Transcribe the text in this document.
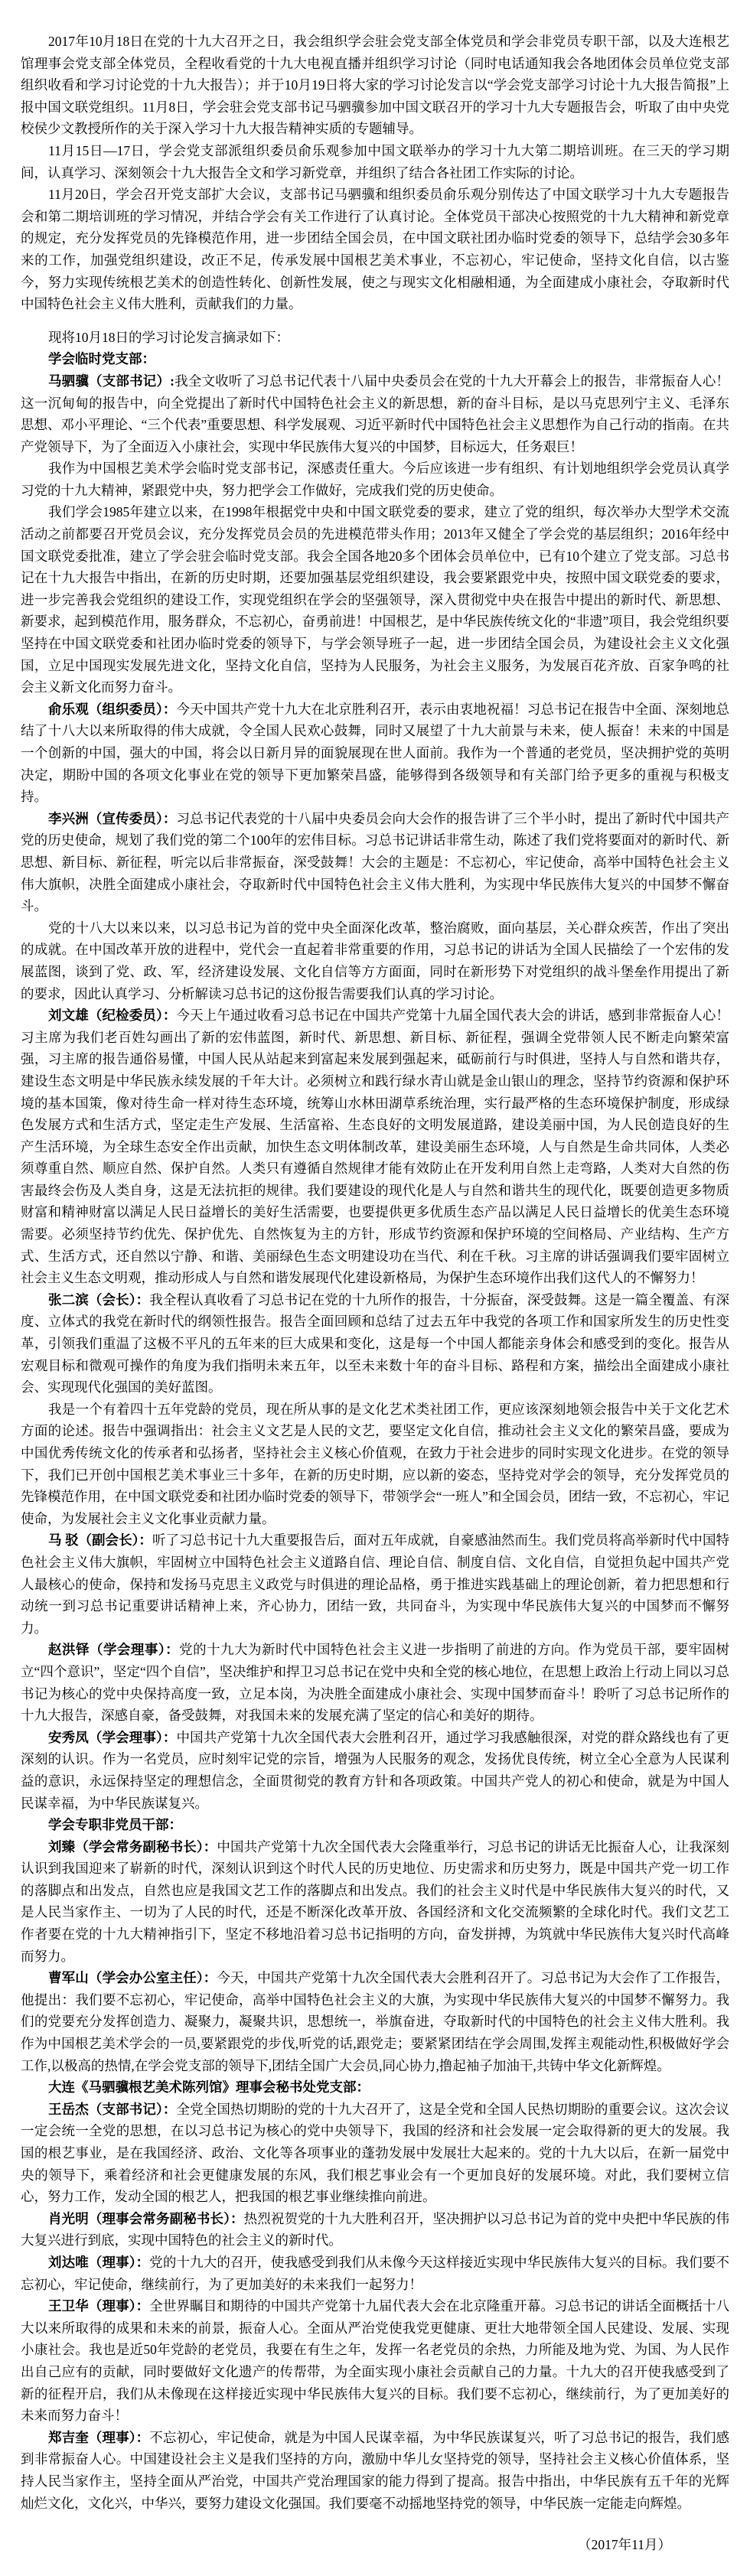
2017年10月18日在党的十九大召开之日，我会组织学会驻会党支部全体党员和学会非党员专职干部，以及大连根艺馆理事会党支部全体党员，全程收看党的十九大电视直播并组织学习讨论（同时电话通知我会各地团体会员单位党支部组织收看和学习讨论党的十九大报告）；并于10月19日将大家的学习讨论发言以“学会党支部学习讨论十九大报告简报”上报中国文联党组织。11月8日，学会驻会党支部书记马驷骥参加中国文联召开的学习十九大专题报告会，听取了由中央党校侯少文教授所作的关于深入学习十九大报告精神实质的专题辅导。

11月15日—17日，学会党支部派组织委员俞乐观参加中国文联举办的学习十九大第二期培训班。在三天的学习期间，认真学习、深刻领会十九大报告全文和学习新党章，并组织了结合各社团工作实际的讨论。

11月20日，学会召开党支部扩大会议，支部书记马驷骥和组织委员俞乐观分别传达了中国文联学习十九大专题报告会和第二期培训班的学习情况，并结合学会有关工作进行了认真讨论。全体党员干部决心按照党的十九大精神和新党章的规定，充分发挥党员的先锋模范作用，进一步团结全国会员，在中国文联社团办临时党委的领导下，总结学会30多年来的工作，加强党组织建设，改正不足，传承发展中国根艺美术事业，不忘初心，牢记使命，坚持文化自信，以古鉴今，努力实现传统根艺美术的创造性转化、创新性发展，使之与现实文化相融相通，为全面建成小康社会，夺取新时代中国特色社会主义伟大胜利，贡献我们的力量。

现将10月18日的学习讨论发言摘录如下：

学会临时党支部：

马驷骥（支部书记）:我全文收听了习总书记代表十八届中央委员会在党的十九大开幕会上的报告，非常振奋人心！这一沉甸甸的报告中，向全党提出了新时代中国特色社会主义的新思想，新的奋斗目标，是以马克思列宁主义、毛泽东思想、邓小平理论、“三个代表”重要思想、科学发展观、习近平新时代中国特色社会主义思想作为自己行动的指南。在共产党领导下，为了全面迈入小康社会，实现中华民族伟大复兴的中国梦，目标远大，任务艰巨！

我作为中国根艺美术学会临时党支部书记，深感责任重大。今后应该进一步有组织、有计划地组织学会党员认真学习党的十九大精神，紧跟党中央，努力把学会工作做好，完成我们党的历史使命。

我们学会1985年建立以来，在1998年根据党中央和中国文联党委的要求，建立了党的组织，每次举办大型学术交流活动之前都要召开党员会议，充分发挥党员会员的先进模范带头作用；2013年又健全了学会党的基层组织；2016年经中国文联党委批准，建立了学会驻会临时党支部。我会全国各地20多个团体会员单位中，已有10个建立了党支部。习总书记在十九大报告中指出，在新的历史时期，还要加强基层党组织建设，我会要紧跟党中央，按照中国文联党委的要求，进一步完善我会党组织的建设工作，实现党组织在学会的坚强领导，深入贯彻党中央在报告中提出的新时代、新思想、新要求，起到模范作用，服务群众，不忘初心，奋勇前进！中国根艺，是中华民族传统文化的“非遗”项目，我会党组织要坚持在中国文联党委和社团办临时党委的领导下，与学会领导班子一起，进一步团结全国会员，为建设社会主义文化强国，立足中国现实发展先进文化，坚持文化自信，坚持为人民服务，为社会主义服务，为发展百花齐放、百家争鸣的社会主义新文化而努力奋斗。

俞乐观（组织委员）：今天中国共产党十九大在北京胜利召开，表示由衷地祝福！习总书记在报告中全面、深刻地总结了十八大以来所取得的伟大成就，令全国人民欢心鼓舞，同时又展望了十九大前景与未来，使人振奋！未来的中国是一个创新的中国，强大的中国，将会以日新月异的面貌展现在世人面前。我作为一个普通的老党员，坚决拥护党的英明决定，期盼中国的各项文化事业在党的领导下更加繁荣昌盛，能够得到各级领导和有关部门给予更多的重视与积极支持。

李兴洲（宣传委员）：习总书记代表党的十八届中央委员会向大会作的报告讲了三个半小时，提出了新时代中国共产党的历史使命，规划了我们党的第二个100年的宏伟目标。习总书记讲话非常生动，陈述了我们党将要面对的新时代、新思想、新目标、新征程，听完以后非常振奋，深受鼓舞！大会的主题是：不忘初心，牢记使命，高举中国特色社会主义伟大旗帜，决胜全面建成小康社会，夺取新时代中国特色社会主义伟大胜利，为实现中华民族伟大复兴的中国梦不懈奋斗。

党的十八大以来以来，以习总书记为首的党中央全面深化改革，整治腐败，面向基层，关心群众疾苦，作出了突出的成就。在中国改革开放的进程中，党代会一直起着非常重要的作用，习总书记的讲话为全国人民描绘了一个宏伟的发展蓝图，谈到了党、政、军，经济建设发展、文化自信等方方面面，同时在新形势下对党组织的战斗堡垒作用提出了新的要求，因此认真学习、分析解读习总书记的这份报告需要我们认真的学习讨论。

刘文雄（纪检委员）：今天上午通过收看习总书记在中国共产党第十九届全国代表大会的讲话，感到非常振奋人心！习主席为我们老百姓勾画出了新的宏伟蓝图，新时代、新思想、新目标、新征程，强调全党带领人民不断走向繁荣富强，习主席的报告通俗易懂，中国人民从站起来到富起来发展到强起来，砥砺前行与时俱进，坚持人与自然和谐共存，建设生态文明是中华民族永续发展的千年大计。必须树立和践行绿水青山就是金山银山的理念，坚持节约资源和保护环境的基本国策，像对待生命一样对待生态环境，统筹山水林田湖草系统治理，实行最严格的生态环境保护制度，形成绿色发展方式和生活方式，坚定走生产发展、生活富裕、生态良好的文明发展道路，建设美丽中国，为人民创造良好的生产生活环境，为全球生态安全作出贡献，加快生态文明体制改革，建设美丽生态环境，人与自然是生命共同体，人类必须尊重自然、顺应自然、保护自然。人类只有遵循自然规律才能有效防止在开发利用自然上走弯路，人类对大自然的伤害最终会伤及人类自身，这是无法抗拒的规律。我们要建设的现代化是人与自然和谐共生的现代化，既要创造更多物质财富和精神财富以满足人民日益增长的美好生活需要，也要提供更多优质生态产品以满足人民日益增长的优美生态环境需要。必须坚持节约优先、保护优先、自然恢复为主的方针，形成节约资源和保护环境的空间格局、产业结构、生产方式、生活方式，还自然以宁静、和谐、美丽绿色生态文明建设功在当代、利在千秋。习主席的讲话强调我们要牢固树立社会主义生态文明观，推动形成人与自然和谐发展现代化建设新格局，为保护生态环境作出我们这代人的不懈努力！

张二滨（会长）：我全程认真收看了习总书记在党的十九所作的报告，十分振奋，深受鼓舞。这是一篇全覆盖、有深度、立体式的我党在新时代的纲领性报告。报告全面回顾和总结了过去五年中我党的各项工作和国家所发生的历史性变革，引领我们重温了这极不平凡的五年来的巨大成果和变化，这是每一个中国人都能亲身体会和感受到的变化。报告从宏观目标和微观可操作的角度为我们指明未来五年，以至未来数十年的奋斗目标、路程和方案，描绘出全面建成小康社会、实现现代化强国的美好蓝图。

我是一个有着四十五年党龄的党员，现在所从事的是文化艺术类社团工作，更应该深刻地领会报告中关于文化艺术方面的论述。报告中强调指出：社会主义文艺是人民的文艺，要坚定文化自信，推动社会主义文化的繁荣昌盛，要成为中国优秀传统文化的传承者和弘扬者，坚持社会主义核心价值观，在致力于社会进步的同时实现文化进步。在党的领导下，我们已开创中国根艺美术事业三十多年，在新的历史时期，应以新的姿态，坚持党对学会的领导，充分发挥党员的先锋模范作用，在中国文联党委和社团办临时党委的领导下，带领学会“一班人”和全国会员，团结一致，不忘初心，牢记使命，为发展社会主义文化事业贡献力量。

马 驳（副会长）：听了习总书记十九大重要报告后，面对五年成就，自豪感油然而生。我们党员将高举新时代中国特色社会主义伟大旗帜，牢固树立中国特色社会主义道路自信、理论自信、制度自信、文化自信，自觉担负起中国共产党人最核心的使命，保持和发扬马克思主义政党与时俱进的理论品格，勇于推进实践基础上的理论创新，着力把思想和行动统一到习总书记重要讲话精神上来，齐心协力，团结一致，共同奋斗，为实现中华民族伟大复兴的中国梦而不懈努力。

赵洪铎（学会理事）：党的十九大为新时代中国特色社会主义进一步指明了前进的方向。作为党员干部，要牢固树立“四个意识”，坚定“四个自信”，坚决维护和捍卫习总书记在党中央和全党的核心地位，在思想上政治上行动上同以习总书记为核心的党中央保持高度一致，立足本岗，为决胜全面建成小康社会、实现中国梦而奋斗！聆听了习总书记所作的十九大报告，深感自豪，备受鼓舞，对我国未来的发展充满了坚定的信心和美好的期待。

安秀凤（学会理事）：中国共产党第十九次全国代表大会胜利召开，通过学习我感触很深，对党的群众路线也有了更深刻的认识。作为一名党员，应时刻牢记党的宗旨，增强为人民服务的观念，发扬优良传统，树立全心全意为人民谋利益的意识，永远保持坚定的理想信念，全面贯彻党的教育方针和各项政策。中国共产党人的初心和使命，就是为中国人民谋幸福，为中华民族谋复兴。

学会专职非党员干部：

刘臻（学会常务副秘书长）：中国共产党第十九次全国代表大会隆重举行，习总书记的讲话无比振奋人心，让我深刻认识到我国迎来了崭新的时代，深刻认识到这个时代人民的历史地位、历史需求和历史努力，既是中国共产党一切工作的落脚点和出发点，自然也应是我国文艺工作的落脚点和出发点。我们的社会主义时代是中华民族伟大复兴的时代，又是人民当家作主、一切为了人民的时代，还是不断深化改革开放、各国经济和文化交流频繁的全球化时代。我们文艺工作者要在党的十九大精神指引下，坚定不移地沿着习总书记指明的方向，奋发拼搏，为筑就中华民族伟大复兴时代高峰而努力。

曹军山（学会办公室主任）：今天，中国共产党第十九次全国代表大会胜利召开了。习总书记为大会作了工作报告，他提出：我们要不忘初心，牢记使命，高举中国特色社会主义的大旗，为实现中华民族伟大复兴的中国梦不懈努力。我们的党要充分发挥创造力、凝聚力，凝聚共识，思想统一，举旗奋进，夺取新时代的中国特色的社会主义伟大胜利。我作为中国根艺美术学会的一员,要紧跟党的步伐,听党的话,跟党走；要紧紧团结在学会周围,发挥主观能动性,积极做好学会工作,以极高的热情,在学会党支部的领导下,团结全国广大会员,同心协力,撸起袖子加油干,共铸中华文化新辉煌。

大连《马驷骥根艺美术陈列馆》理事会秘书处党支部：

王岳杰（支部书记）：全党全国热切期盼的党的十九大召开了，这是全党和全国人民热切期盼的重要会议。这次会议一定会统一全党的思想，在以习总书记为核心的党中央领导下，我国的经济和社会发展一定会取得新的更大的发展。我国的根艺事业，是在我国经济、政治、文化等各项事业的蓬勃发展中发展壮大起来的。党的十九大以后，在新一届党中央的领导下，乘着经济和社会更健康发展的东风，我们根艺事业会有一个更加良好的发展环境。对此，我们要树立信心，努力工作，发动全国的根艺人，把我国的根艺事业继续推向前进。

肖光明（理事会常务副秘书长）：热烈祝贺党的十九大胜利召开，坚决拥护以习总书记为首的党中央把中华民族的伟大复兴进行到底，实现中国特色的社会主义的新时代。

刘达唯（理事）：党的十九大的召开，使我感受到我们从未像今天这样接近实现中华民族伟大复兴的目标。我们要不忘初心，牢记使命，继续前行，为了更加美好的未来我们一起努力！

王卫华（理事）：全世界瞩目和期待的中国共产党第十九届代表大会在北京隆重开幕。习总书记的讲话全面概括十八大以来所取得的成果和未来的前景，振奋人心。全面从严治党使我党更健康、更壮大地带领全国人民建设、发展、实现小康社会。我也是近50年党龄的老党员，我要在有生之年，发挥一名老党员的余热，力所能及地为党、为国、为人民作出自己应有的贡献，同时要做好文化遗产的传帮带，为全面实现小康社会贡献自己的力量。十九大的召开使我感受到了新的征程开启，我们从未像现在这样接近实现中华民族伟大复兴的目标。我们要不忘初心，继续前行，为了更加美好的未来而努力奋斗！

郑吉奎（理事）：不忘初心，牢记使命，就是为中国人民谋幸福，为中华民族谋复兴，听了习总书记的报告，我们感到非常振奋人心。中国建设社会主义是我们坚持的方向，激励中华儿女坚持党的领导，坚持社会主义核心价值体系，坚持人民当家作主，坚持全面从严治党，中国共产党治理国家的能力得到了提高。报告中指出，中华民族有五千年的光辉灿烂文化，文化兴，中华兴，要努力建设文化强国。我们要毫不动摇地坚持党的领导，中华民族一定能走向辉煌。

（2017年11月）
